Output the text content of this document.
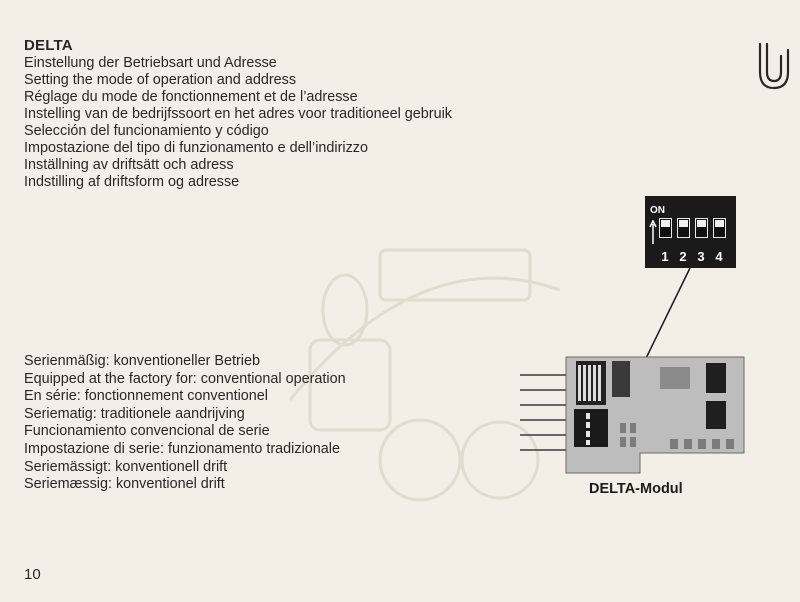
DELTA
Einstellung der Betriebsart und Adresse
Setting the mode of operation and address
Réglage du mode de fonctionnement et de l’adresse
Instelling van de bedrijfssoort en het adres voor traditioneel gebruik
Selección del funcionamiento y código
Impostazione del tipo di funzionamento e dell’indirizzo
Inställning av driftsätt och adress
Indstilling af driftsform og adresse
ON
1 2 3 4
Serienmäßig: konventioneller Betrieb
Equipped at the factory for: conventional operation
En série: fonctionnement conventionel
Seriematig: traditionele aandrijving
Funcionamiento convencional de serie
Impostazione di serie: funzionamento tradizionale
Seriemässigt: konventionell drift
Seriemæssig: konventionel drift	DELTA-Modul
10
